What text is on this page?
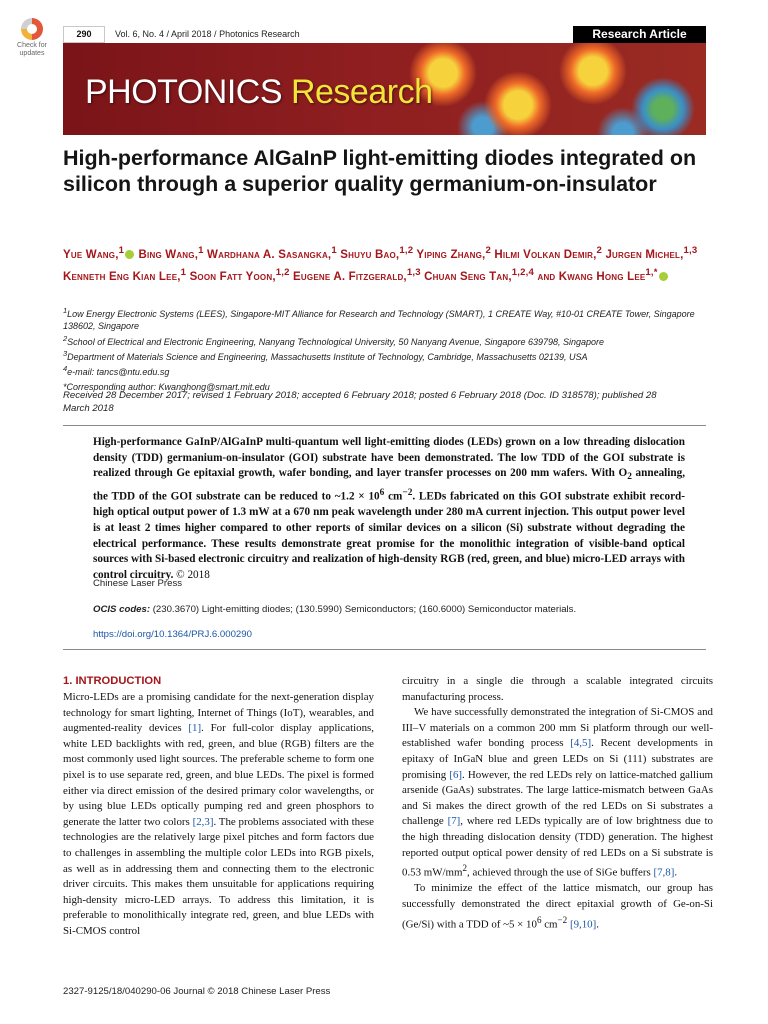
Check for
updates
290	Vol. 6, No. 4 / April 2018 / Photonics Research	Research Article
PHOTONICS Research
High-performance AlGaInP light-emitting diodes integrated on silicon through a superior quality germanium-on-insulator
Yue Wang,$^1$ Bing Wang,$^1$ Wardhana A. Sasangka,$^1$ Shuyu Bao,$^{1,2}$ Yiping Zhang,$^2$ Hilmi Volkan Demir,$^2$ Jurgen Michel,$^{1,3}$ Kenneth Eng Kian Lee,$^1$ Soon Fatt Yoon,$^{1,2}$ Eugene A. Fitzgerald,$^{1,3}$ Chuan Seng Tan,$^{1,2,4}$ and Kwang Hong Lee$^{1,*}$
$^1$Low Energy Electronic Systems (LEES), Singapore-MIT Alliance for Research and Technology (SMART), 1 CREATE Way, #10-01 CREATE Tower, Singapore 138602, Singapore
$^2$School of Electrical and Electronic Engineering, Nanyang Technological University, 50 Nanyang Avenue, Singapore 639798, Singapore
$^3$Department of Materials Science and Engineering, Massachusetts Institute of Technology, Cambridge, Massachusetts 02139, USA
$^4$e-mail: tancs@ntu.edu.sg
*Corresponding author: Kwanghong@smart.mit.edu
Received 28 December 2017; revised 1 February 2018; accepted 6 February 2018; posted 6 February 2018 (Doc. ID 318578); published 28 March 2018
High-performance GaInP/AlGaInP multi-quantum well light-emitting diodes (LEDs) grown on a low threading dislocation density (TDD) germanium-on-insulator (GOI) substrate have been demonstrated. The low TDD of the GOI substrate is realized through Ge epitaxial growth, wafer bonding, and layer transfer processes on 200 mm wafers. With $O_2$ annealing, the TDD of the GOI substrate can be reduced to ~1.2 × $10^6$ $cm^{-2}$. LEDs fabricated on this GOI substrate exhibit record-high optical output power of 1.3 mW at a 670 nm peak wavelength under 280 mA current injection. This output power level is at least 2 times higher compared to other reports of similar devices on a silicon (Si) substrate without degrading the electrical performance. These results demonstrate great promise for the monolithic integration of visible-band optical sources with Si-based electronic circuitry and realization of high-density RGB (red, green, and blue) micro-LED arrays with control circuitry. © 2018
Chinese Laser Press
OCIS codes: (230.3670) Light-emitting diodes; (130.5990) Semiconductors; (160.6000) Semiconductor materials.
https://doi.org/10.1364/PRJ.6.000290
1. INTRODUCTION

Micro-LEDs are a promising candidate for the next-generation display technology for smart lighting, Internet of Things (IoT), wearables, and augmented-reality devices [1]. For full-color display applications, white LED backlights with red, green, and blue (RGB) filters are the most commonly used light sources. The preferable scheme to form one pixel is to use separate red, green, and blue LEDs. The pixel is formed either via direct emission of the desired primary color wavelengths, or by using blue LEDs optically pumping red and green phosphors to generate the latter two colors [2,3]. The problems associated with these technologies are the relatively large pixel pitches and form factors due to challenges in assembling the multiple color LEDs into RGB pixels, as well as in addressing them and connecting them to the electronic driver circuits. This makes them unsuitable for applications requiring high-density micro-LED arrays. To address this limitation, it is preferable to monolithically integrate red, green, and blue LEDs with Si-CMOS control

circuitry in a single die through a scalable integrated circuits manufacturing process.

We have successfully demonstrated the integration of Si-CMOS and III–V materials on a common 200 mm Si platform through our well-established wafer bonding process [4,5]. Recent developments in epitaxy of InGaN blue and green LEDs on Si (111) substrates are promising [6]. However, the red LEDs rely on lattice-matched gallium arsenide (GaAs) substrates. The large lattice-mismatch between GaAs and Si makes the direct growth of the red LEDs on Si substrates a challenge [7], where red LEDs typically are of low brightness due to the high threading dislocation density (TDD) generation. The highest reported output optical power density of red LEDs on a Si substrate is 0.53 $mW/mm^2$, achieved through the use of SiGe buffers [7,8].

To minimize the effect of the lattice mismatch, our group has successfully demonstrated the direct epitaxial growth of Ge-on-Si (Ge/Si) with a TDD of ~5 × $10^6$ $cm^{-2}$ [9,10].

2327-9125/18/040290-06 Journal © 2018 Chinese Laser Press
